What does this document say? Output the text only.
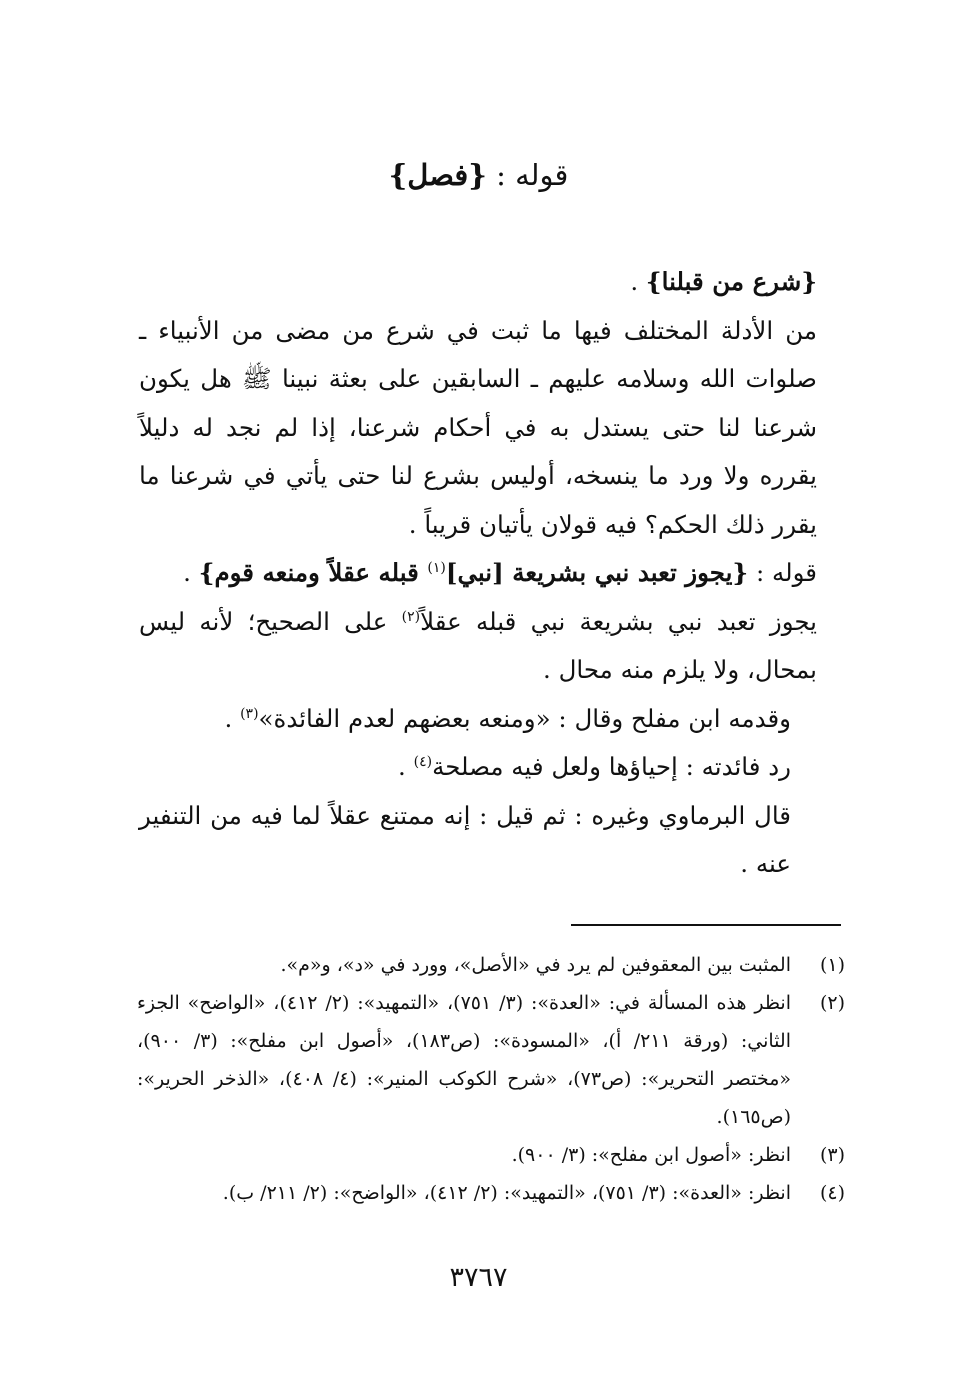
قوله : {فصل}

{شرع من قبلنا} .

من الأدلة المختلف فيها ما ثبت في شرع من مضى من الأنبياء ـ صلوات الله وسلامه عليهم ـ السابقين على بعثة نبينا ﷺ هل يكون شرعنا لنا حتى يستدل به في أحكام شرعنا، إذا لم نجد له دليلاً يقرره ولا ورد ما ينسخه، أوليس بشرع لنا حتى يأتي في شرعنا ما يقرر ذلك الحكم؟ فيه قولان يأتيان قريباً .

قوله : {يجوز تعبد نبي بشريعة [نبي]$^{(١)}$ قبله عقلاً ومنعه قوم} .

يجوز تعبد نبي بشريعة نبي قبله عقلاً$^{(٢)}$ على الصحيح؛ لأنه ليس بمحال، ولا يلزم منه محال .

وقدمه ابن مفلح وقال : «ومنعه بعضهم لعدم الفائدة»$^{(٣)}$ .

رد فائدته : إحياؤها ولعل فيه مصلحة$^{(٤)}$ .

قال البرماوي وغيره : ثم قيل : إنه ممتنع عقلاً لما فيه من التنفير عنه .

(١)
المثبت بين المعقوفين لم يرد في «الأصل»، وورد في «د»، و«م».
(٢)
انظر هذه المسألة في: «العدة»: (٣/ ٧٥١)، «التمهيد»: (٢/ ٤١٢)، «الواضح» الجزء الثاني: (ورقة ٢١١/ أ)، «المسودة»: (ص١٨٣)، «أصول ابن مفلح»: (٣/ ٩٠٠)، «مختصر التحرير»: (ص٧٣)، «شرح الكوكب المنير»: (٤/ ٤٠٨)، «الذخر الحرير»: (ص١٦٥).
(٣)
انظر: «أصول ابن مفلح»: (٣/ ٩٠٠).
(٤)
انظر: «العدة»: (٣/ ٧٥١)، «التمهيد»: (٢/ ٤١٢)، «الواضح»: (٢/ ٢١١/ ب).
٣٧٦٧
